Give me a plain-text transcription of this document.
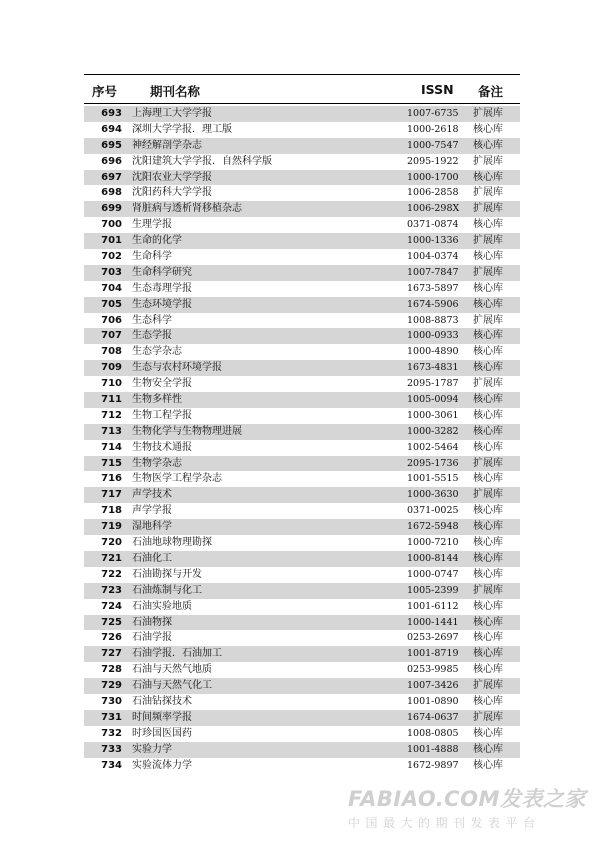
序号	期刊名称	ISSN 备注
693 上海理工大学学报	1007-6735 扩展库
694 深圳大学学报．理工版	1000-2618 核心库
695 神经解剖学杂志	1000-7547 核心库
696 沈阳建筑大学学报．自然科学版	2095-1922 扩展库
697 沈阳农业大学学报	1000-1700 核心库
698 沈阳药科大学学报	1006-2858 扩展库
699 肾脏病与透析肾移植杂志	1006-298X 扩展库
700 生理学报	0371-0874 核心库
701 生命的化学	1000-1336 扩展库
702 生命科学	1004-0374 核心库
703 生命科学研究	1007-7847 扩展库
704 生态毒理学报	1673-5897 核心库
705 生态环境学报	1674-5906 核心库
706 生态科学	1008-8873 扩展库
707 生态学报	1000-0933 核心库
708 生态学杂志	1000-4890 核心库
709 生态与农村环境学报	1673-4831 核心库
710 生物安全学报	2095-1787 扩展库
711 生物多样性	1005-0094 核心库
712 生物工程学报	1000-3061 核心库
713 生物化学与生物物理进展	1000-3282 核心库
714 生物技术通报	1002-5464 核心库
715 生物学杂志	2095-1736 扩展库
716 生物医学工程学杂志	1001-5515 核心库
717 声学技术	1000-3630 扩展库
718 声学学报	0371-0025 核心库
719 湿地科学	1672-5948 核心库
720 石油地球物理勘探	1000-7210 核心库
721 石油化工	1000-8144 核心库
722 石油勘探与开发	1000-0747 核心库
723 石油炼制与化工	1005-2399 扩展库
724 石油实验地质	1001-6112 核心库
725 石油物探	1000-1441 核心库
726 石油学报	0253-2697 核心库
727 石油学报．石油加工	1001-8719 核心库
728 石油与天然气地质	0253-9985 核心库
729 石油与天然气化工	1007-3426 扩展库
730 石油钻探技术	1001-0890 核心库
731 时间频率学报	1674-0637 扩展库
732 时珍国医国药	1008-0805 核心库
733 实验力学	1001-4888 核心库
734 实验流体力学	1672-9897 核心库
FABIAO.COM发表之家
中国最大的期刊发表平台
